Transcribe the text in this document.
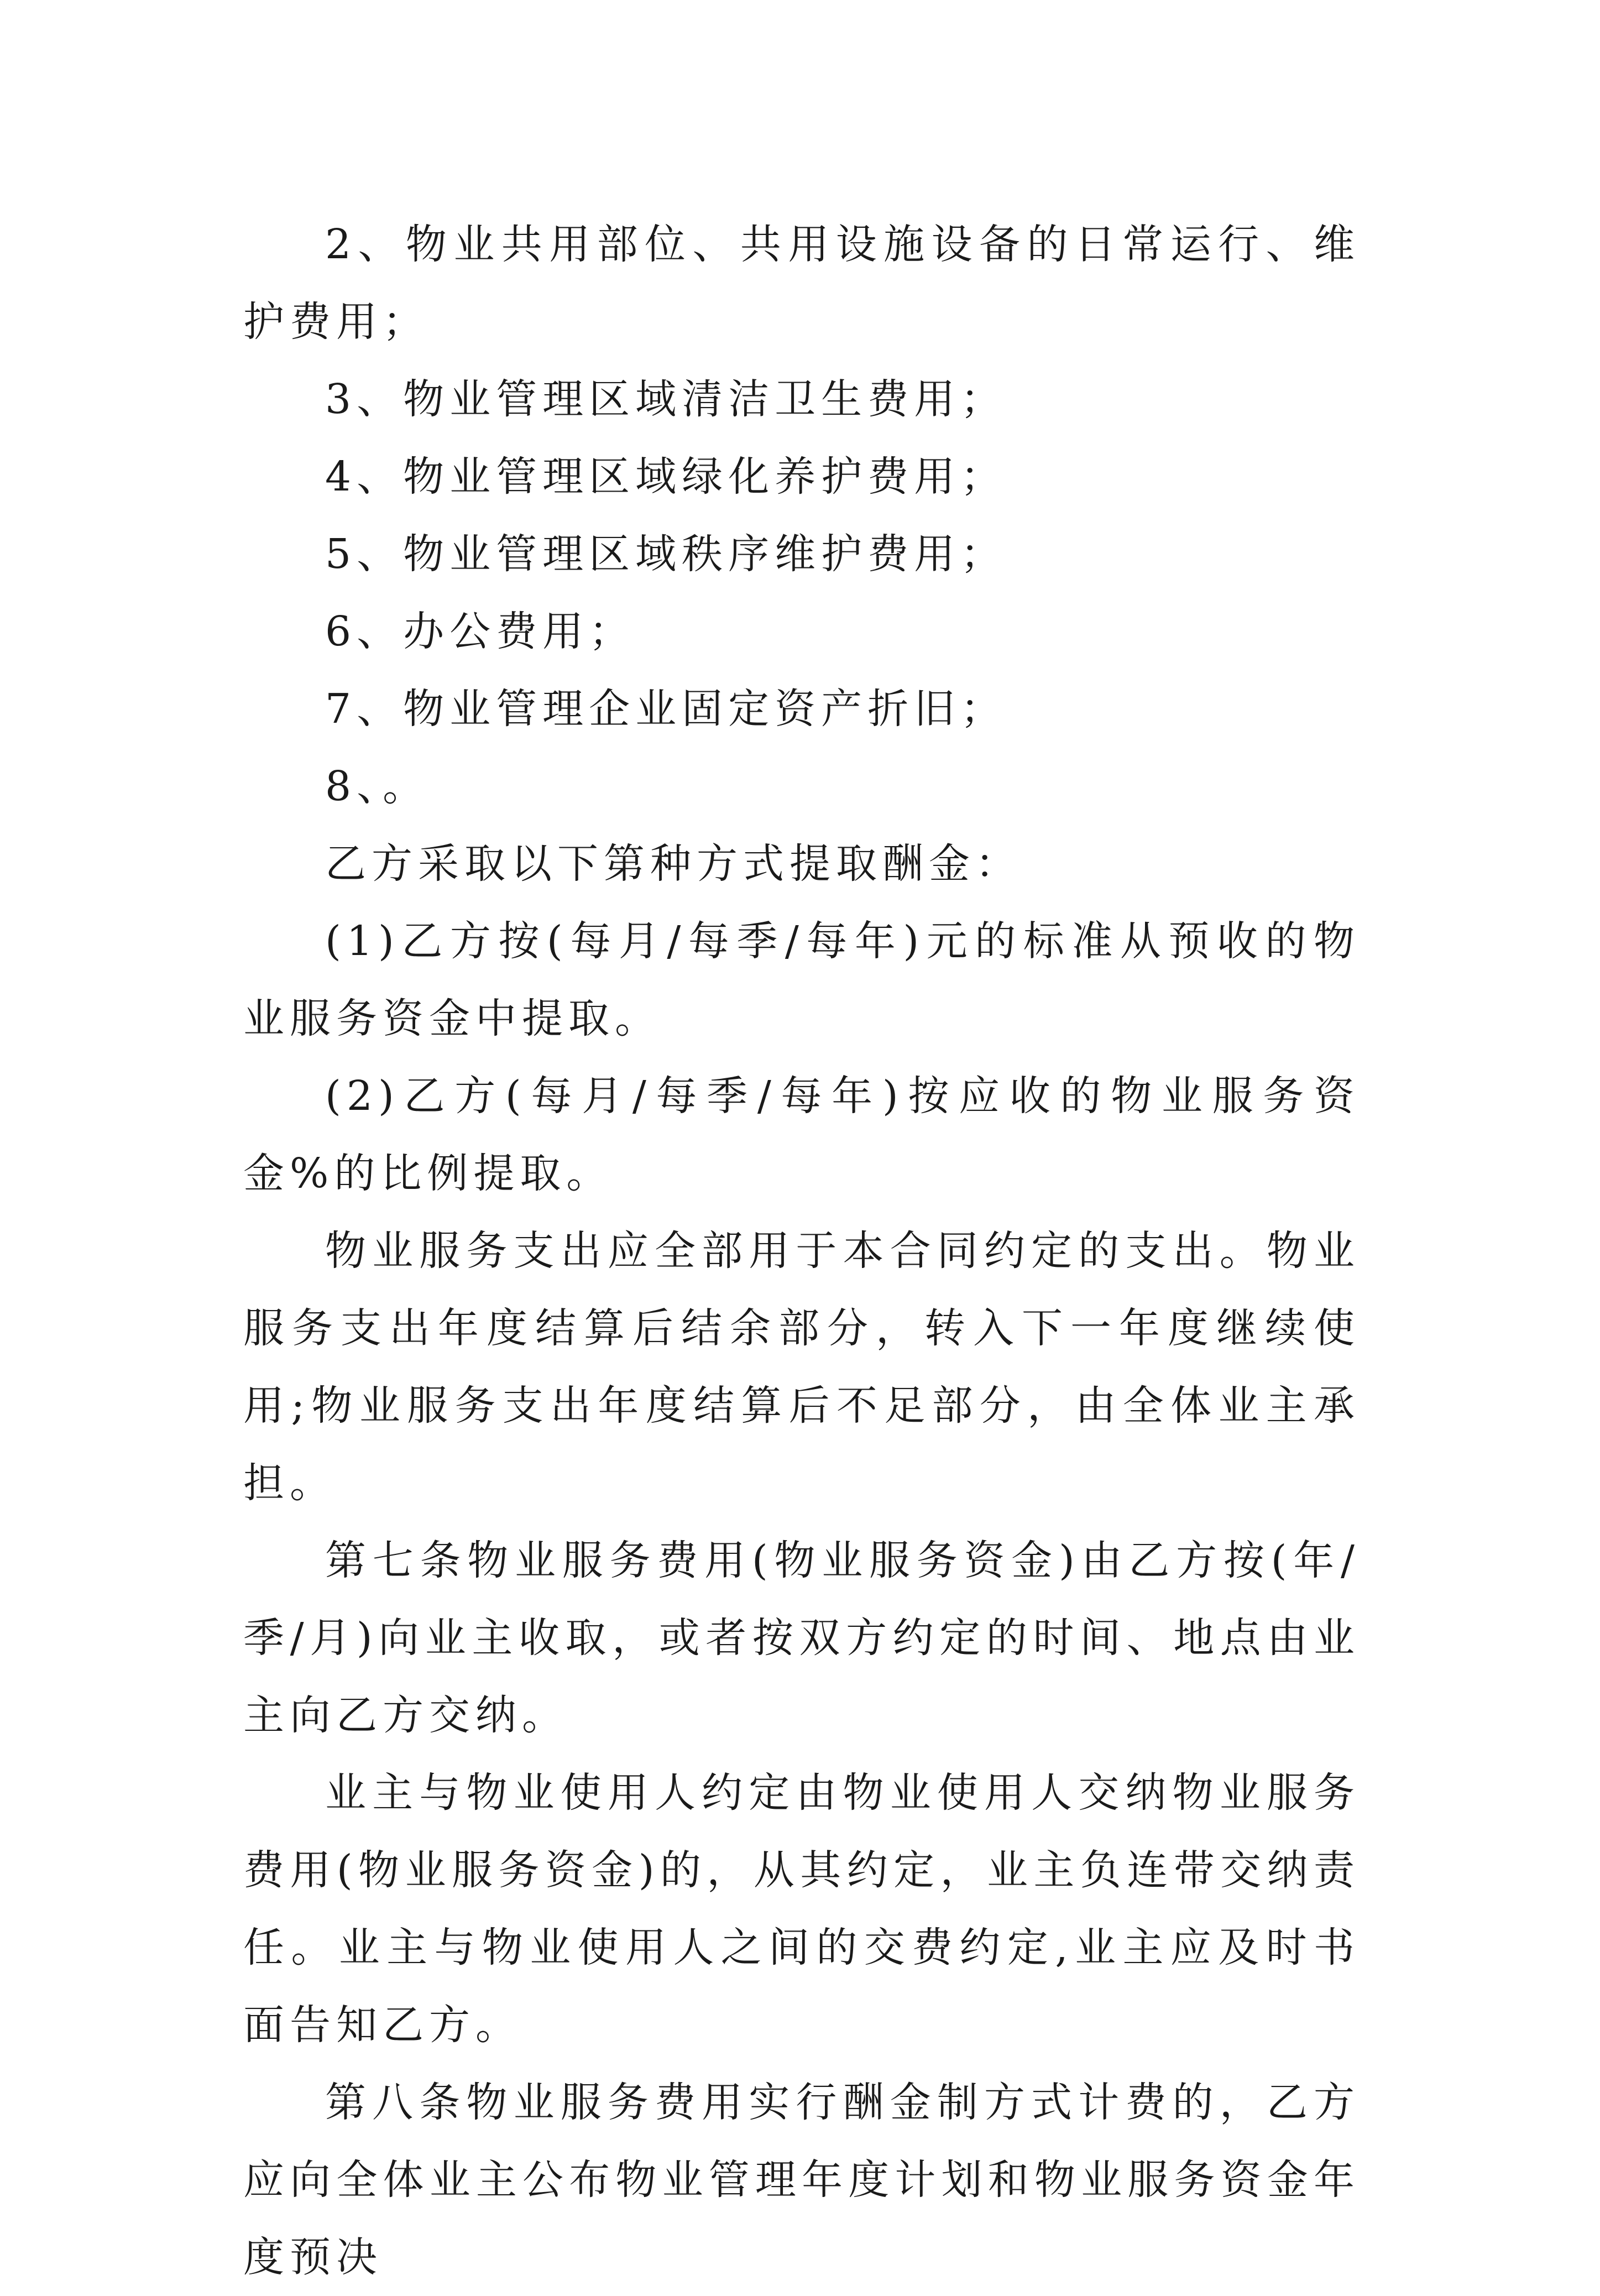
2、物业共用部位、共用设施设备的日常运行、维护费用；

3、物业管理区域清洁卫生费用；

4、物业管理区域绿化养护费用；

5、物业管理区域秩序维护费用；

6、办公费用；

7、物业管理企业固定资产折旧；

8、。

乙方采取以下第种方式提取酬金：

(1)乙方按(每月/每季/每年)元的标准从预收的物业服务资金中提取。

(2)乙方(每月/每季/每年)按应收的物业服务资金%的比例提取。

物业服务支出应全部用于本合同约定的支出。物业服务支出年度结算后结余部分，转入下一年度继续使用;物业服务支出年度结算后不足部分，由全体业主承担。

第七条物业服务费用(物业服务资金)由乙方按(年/季/月)向业主收取，或者按双方约定的时间、地点由业主向乙方交纳。

业主与物业使用人约定由物业使用人交纳物业服务费用(物业服务资金)的，从其约定，业主负连带交纳责任。业主与物业使用人之间的交费约定,业主应及时书面告知乙方。

第八条物业服务费用实行酬金制方式计费的，乙方应向全体业主公布物业管理年度计划和物业服务资金年度预决
